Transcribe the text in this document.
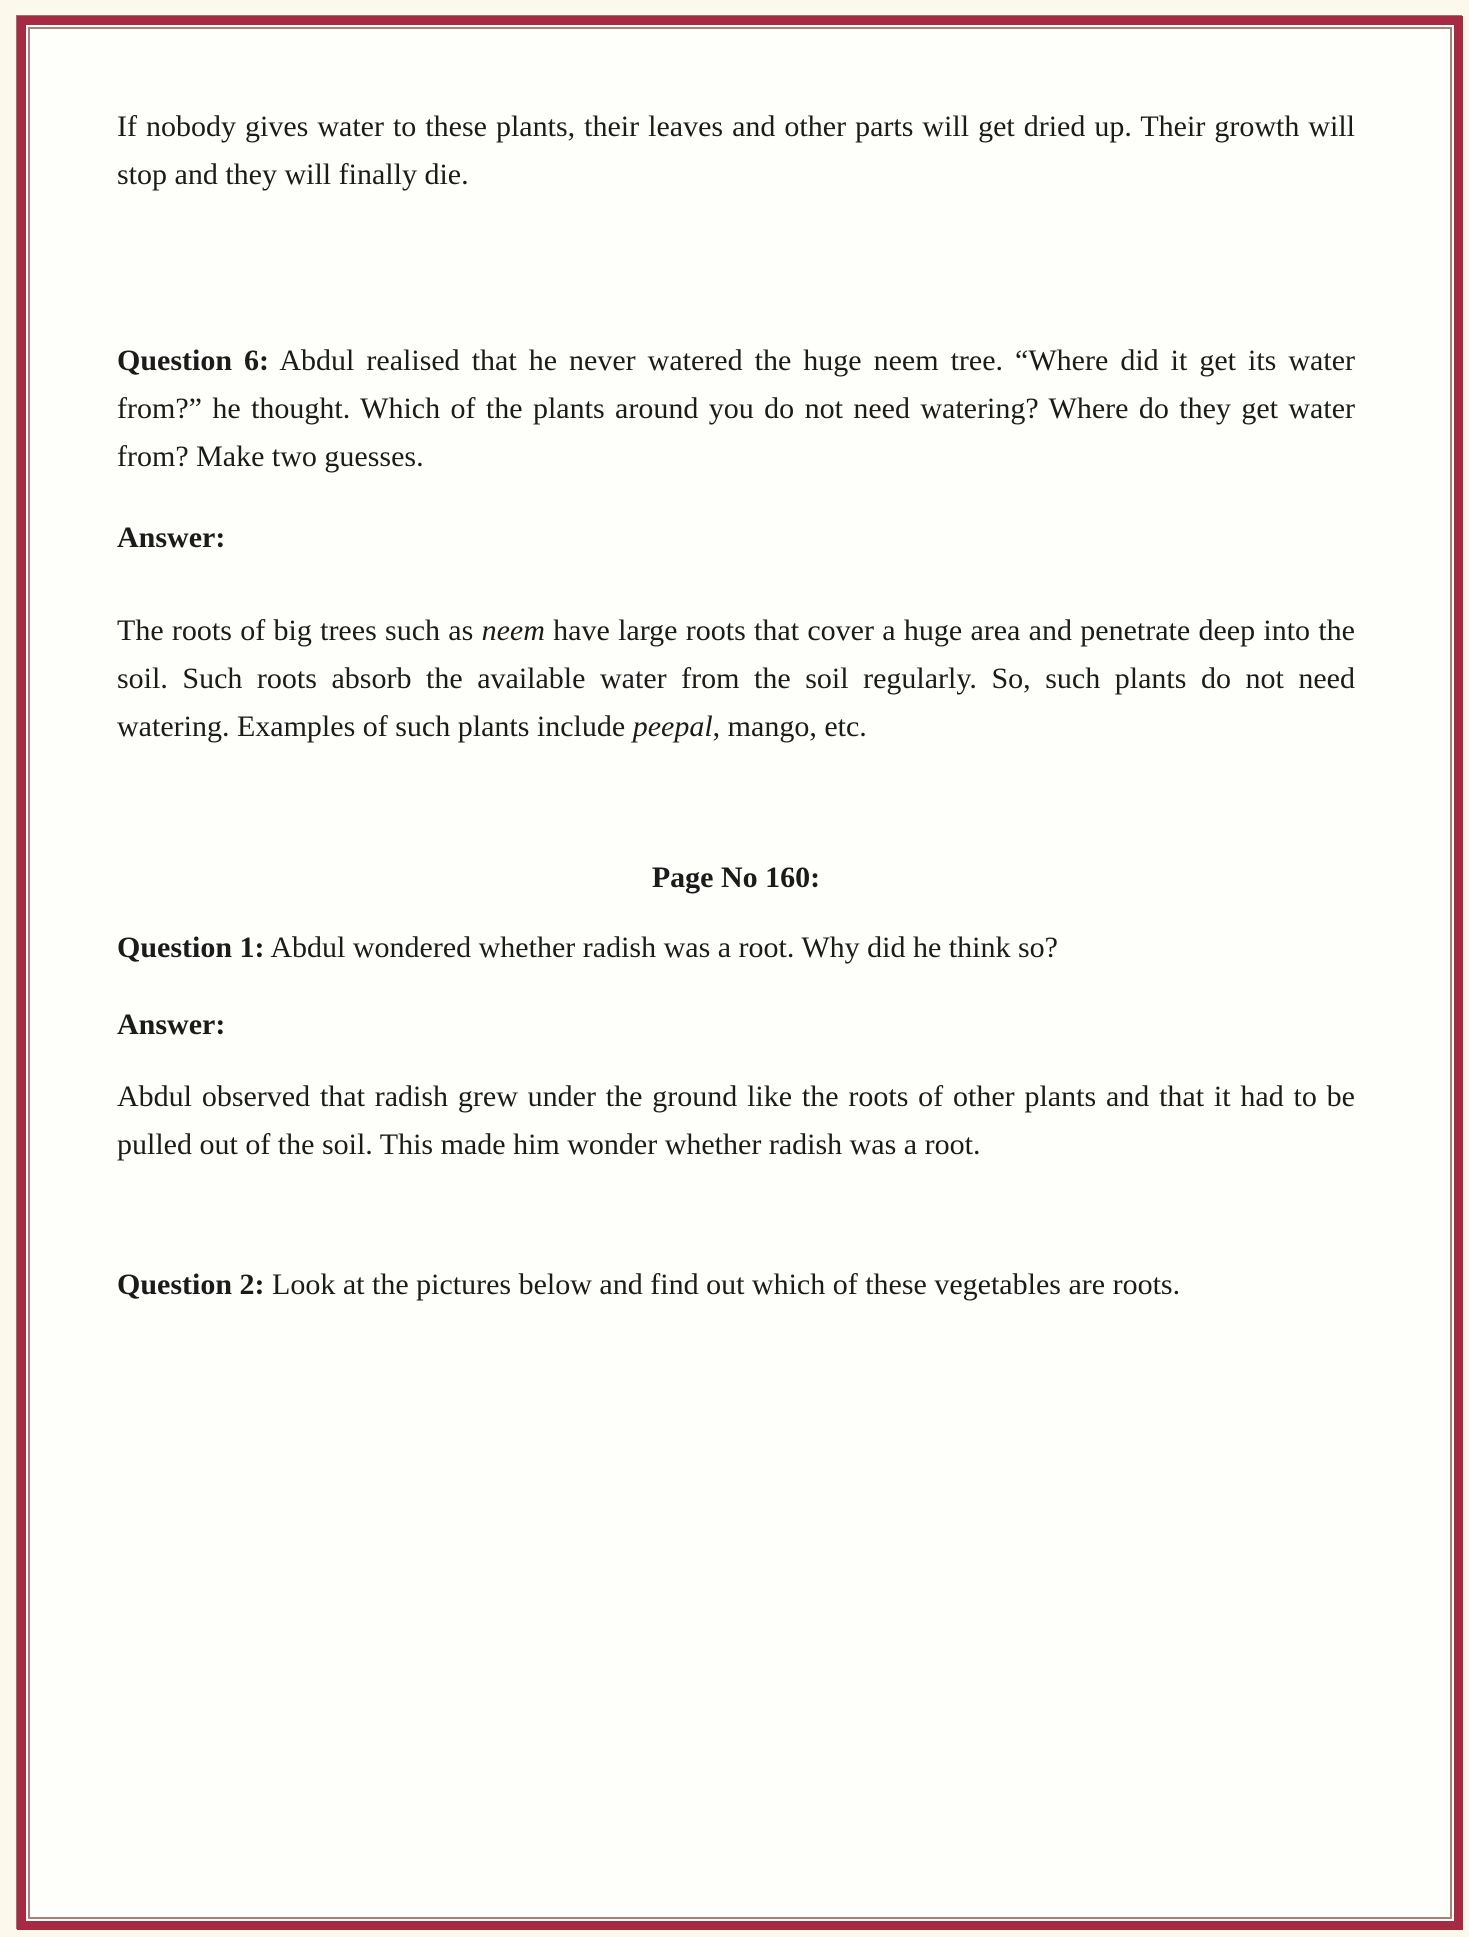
If nobody gives water to these plants, their leaves and other parts will get dried up. Their growth will stop and they will finally die.

Question 6: Abdul realised that he never watered the huge neem tree. “Where did it get its water from?” he thought. Which of the plants around you do not need watering? Where do they get water from? Make two guesses.

Answer:

The roots of big trees such as neem have large roots that cover a huge area and penetrate deep into the soil. Such roots absorb the available water from the soil regularly. So, such plants do not need watering. Examples of such plants include peepal, mango, etc.

Page No 160:

Question 1: Abdul wondered whether radish was a root. Why did he think so?

Answer:

Abdul observed that radish grew under the ground like the roots of other plants and that it had to be pulled out of the soil. This made him wonder whether radish was a root.

Question 2: Look at the pictures below and find out which of these vegetables are roots.
